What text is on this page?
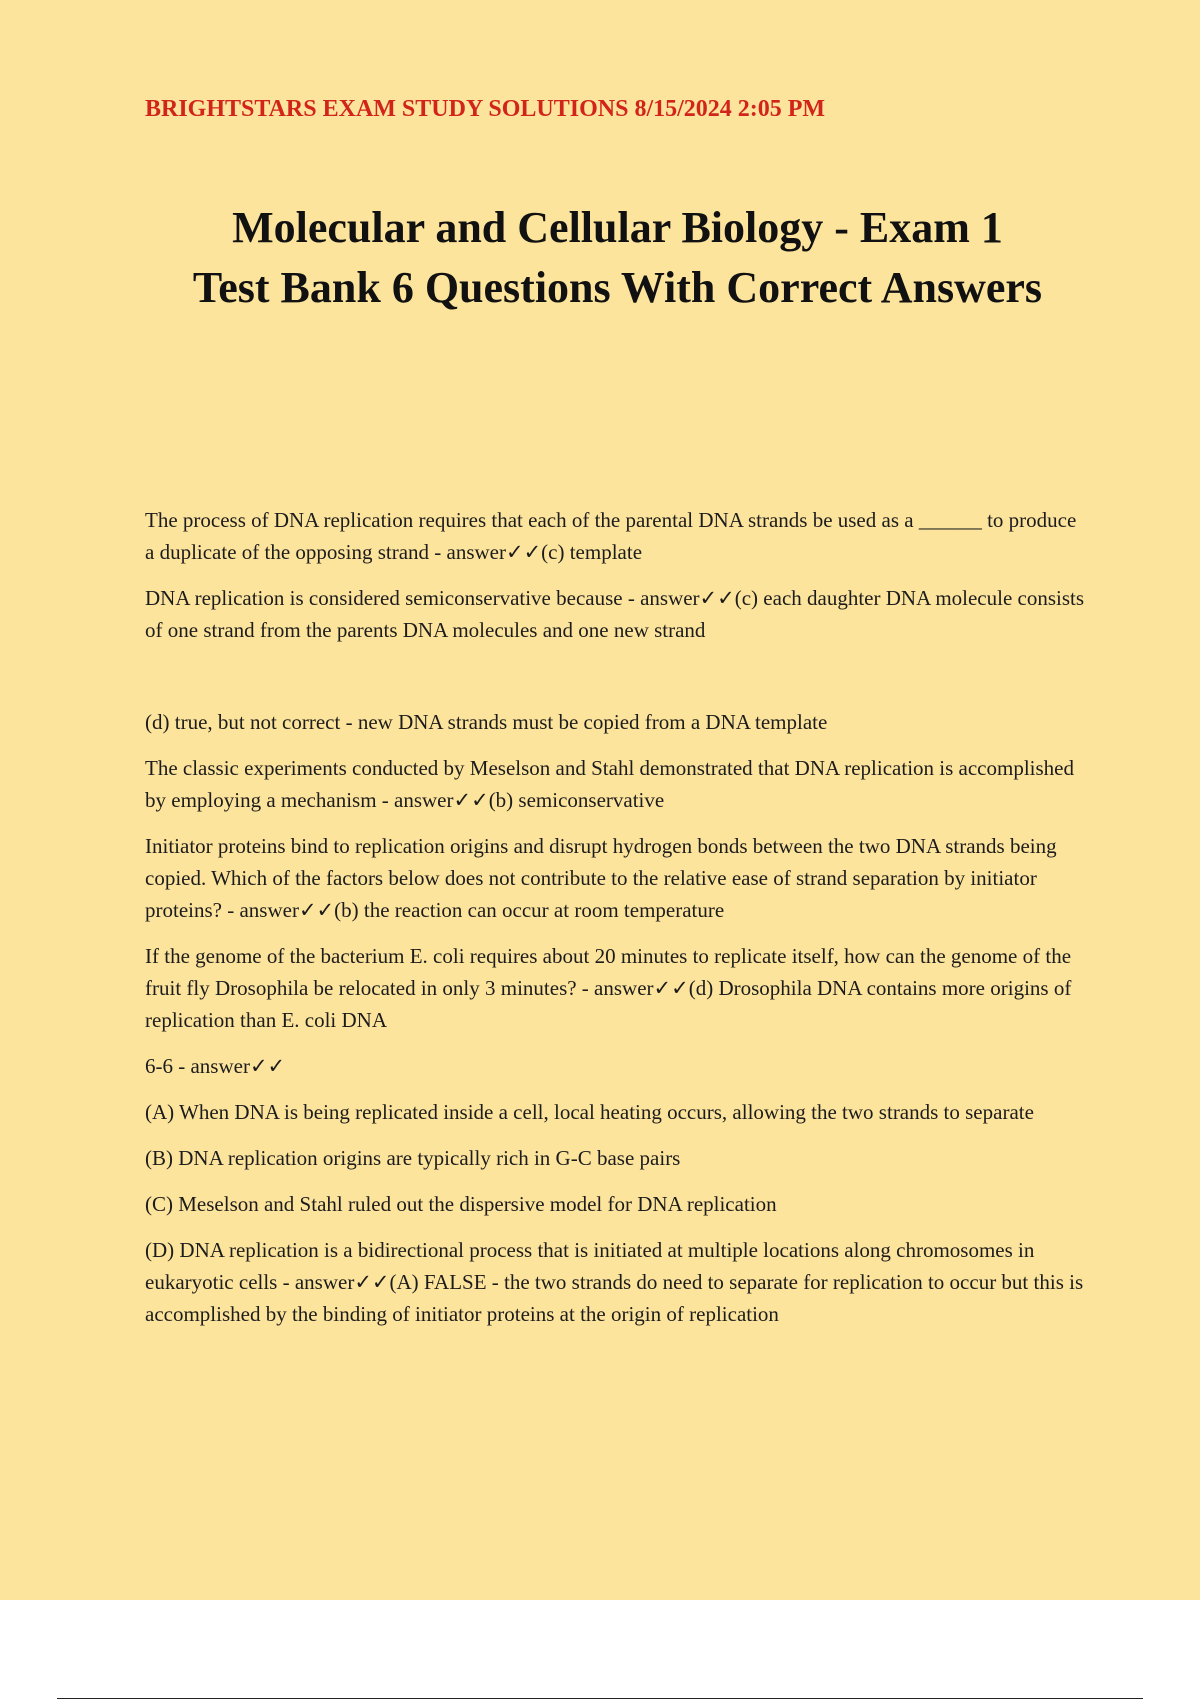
BRIGHTSTARS EXAM STUDY SOLUTIONS 8/15/2024 2:05 PM
Molecular and Cellular Biology - Exam 1
Test Bank 6 Questions With Correct Answers

The process of DNA replication requires that each of the parental DNA strands be used as a ______ to produce a duplicate of the opposing strand - answer✓✓(c) template

DNA replication is considered semiconservative because - answer✓✓(c) each daughter DNA molecule consists of one strand from the parents DNA molecules and one new strand

(d) true, but not correct - new DNA strands must be copied from a DNA template

The classic experiments conducted by Meselson and Stahl demonstrated that DNA replication is accomplished by employing a mechanism - answer✓✓(b) semiconservative

Initiator proteins bind to replication origins and disrupt hydrogen bonds between the two DNA strands being copied. Which of the factors below does not contribute to the relative ease of strand separation by initiator proteins? - answer✓✓(b) the reaction can occur at room temperature

If the genome of the bacterium E. coli requires about 20 minutes to replicate itself, how can the genome of the fruit fly Drosophila be relocated in only 3 minutes? - answer✓✓(d) Drosophila DNA contains more origins of replication than E. coli DNA

6-6 - answer✓✓

(A) When DNA is being replicated inside a cell, local heating occurs, allowing the two strands to separate

(B) DNA replication origins are typically rich in G-C base pairs

(C) Meselson and Stahl ruled out the dispersive model for DNA replication

(D) DNA replication is a bidirectional process that is initiated at multiple locations along chromosomes in eukaryotic cells - answer✓✓(A) FALSE - the two strands do need to separate for replication to occur but this is accomplished by the binding of initiator proteins at the origin of replication
